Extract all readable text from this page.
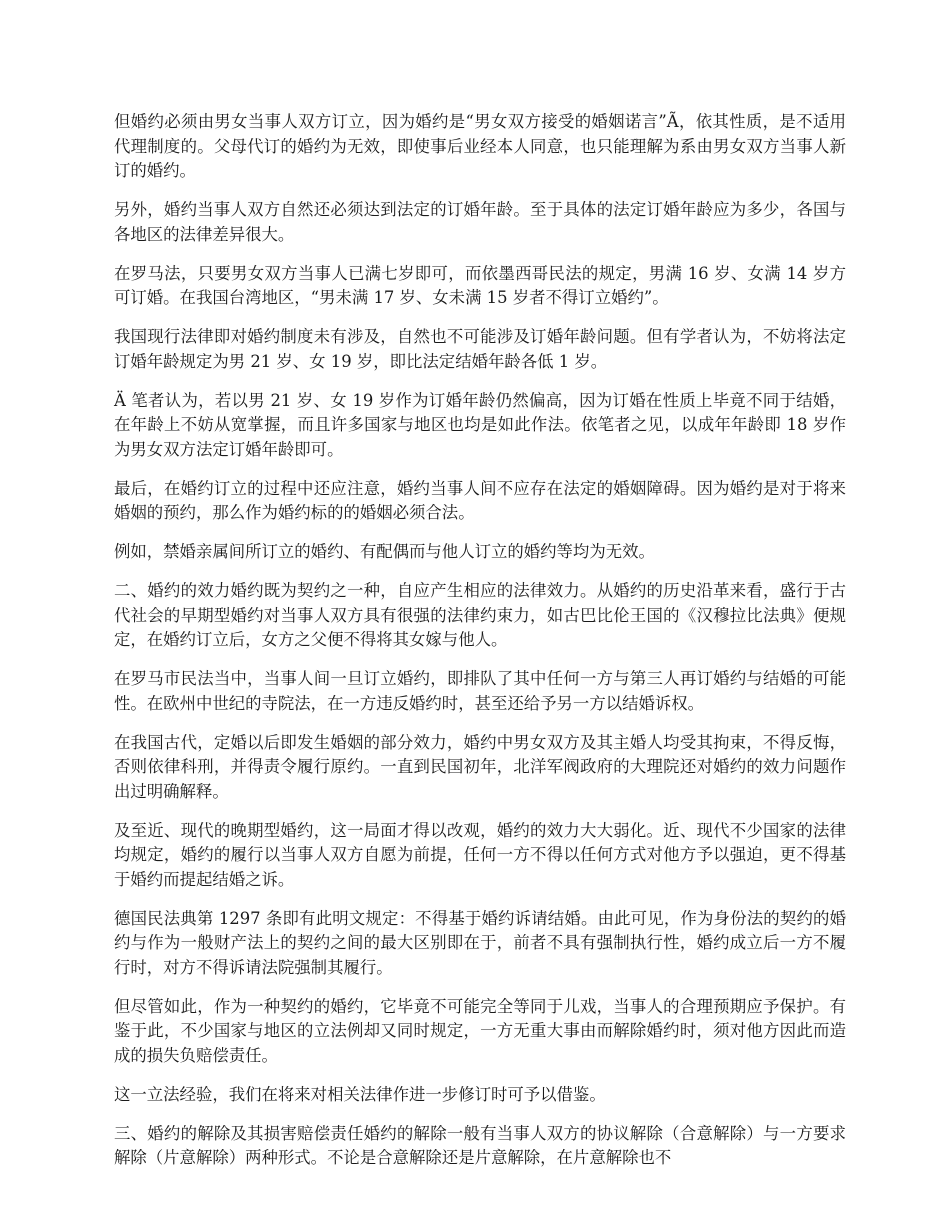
但婚约必须由男女当事人双方订立，因为婚约是“男女双方接受的婚姻诺言”Ã，依其性质，是不适用代理制度的。父母代订的婚约为无效，即使事后业经本人同意，也只能理解为系由男女双方当事人新订的婚约。

另外，婚约当事人双方自然还必须达到法定的订婚年龄。至于具体的法定订婚年龄应为多少，各国与各地区的法律差异很大。

在罗马法，只要男女双方当事人已满七岁即可，而依墨西哥民法的规定，男满 16 岁、女满 14 岁方可订婚。在我国台湾地区，“男未满 17 岁、女未满 15 岁者不得订立婚约”。

我国现行法律即对婚约制度未有涉及，自然也不可能涉及订婚年龄问题。但有学者认为，不妨将法定订婚年龄规定为男 21 岁、女 19 岁，即比法定结婚年龄各低 1 岁。

Ä 笔者认为，若以男 21 岁、女 19 岁作为订婚年龄仍然偏高，因为订婚在性质上毕竟不同于结婚，在年龄上不妨从宽掌握，而且许多国家与地区也均是如此作法。依笔者之见，以成年年龄即 18 岁作为男女双方法定订婚年龄即可。

最后，在婚约订立的过程中还应注意，婚约当事人间不应存在法定的婚姻障碍。因为婚约是对于将来婚姻的预约，那么作为婚约标的的婚姻必须合法。

例如，禁婚亲属间所订立的婚约、有配偶而与他人订立的婚约等均为无效。

二、婚约的效力婚约既为契约之一种，自应产生相应的法律效力。从婚约的历史沿革来看，盛行于古代社会的早期型婚约对当事人双方具有很强的法律约束力，如古巴比伦王国的《汉穆拉比法典》便规定，在婚约订立后，女方之父便不得将其女嫁与他人。

在罗马市民法当中，当事人间一旦订立婚约，即排队了其中任何一方与第三人再订婚约与结婚的可能性。在欧州中世纪的寺院法，在一方违反婚约时，甚至还给予另一方以结婚诉权。

在我国古代，定婚以后即发生婚姻的部分效力，婚约中男女双方及其主婚人均受其拘束，不得反悔，否则依律科刑，并得责令履行原约。一直到民国初年，北洋军阀政府的大理院还对婚约的效力问题作出过明确解释。

及至近、现代的晚期型婚约，这一局面才得以改观，婚约的效力大大弱化。近、现代不少国家的法律均规定，婚约的履行以当事人双方自愿为前提，任何一方不得以任何方式对他方予以强迫，更不得基于婚约而提起结婚之诉。

德国民法典第 1297 条即有此明文规定：不得基于婚约诉请结婚。由此可见，作为身份法的契约的婚约与作为一般财产法上的契约之间的最大区别即在于，前者不具有强制执行性，婚约成立后一方不履行时，对方不得诉请法院强制其履行。

但尽管如此，作为一种契约的婚约，它毕竟不可能完全等同于儿戏，当事人的合理预期应予保护。有鉴于此，不少国家与地区的立法例却又同时规定，一方无重大事由而解除婚约时，须对他方因此而造成的损失负赔偿责任。

这一立法经验，我们在将来对相关法律作进一步修订时可予以借鉴。

三、婚约的解除及其损害赔偿责任婚约的解除一般有当事人双方的协议解除（合意解除）与一方要求解除（片意解除）两种形式。不论是合意解除还是片意解除，在片意解除也不
